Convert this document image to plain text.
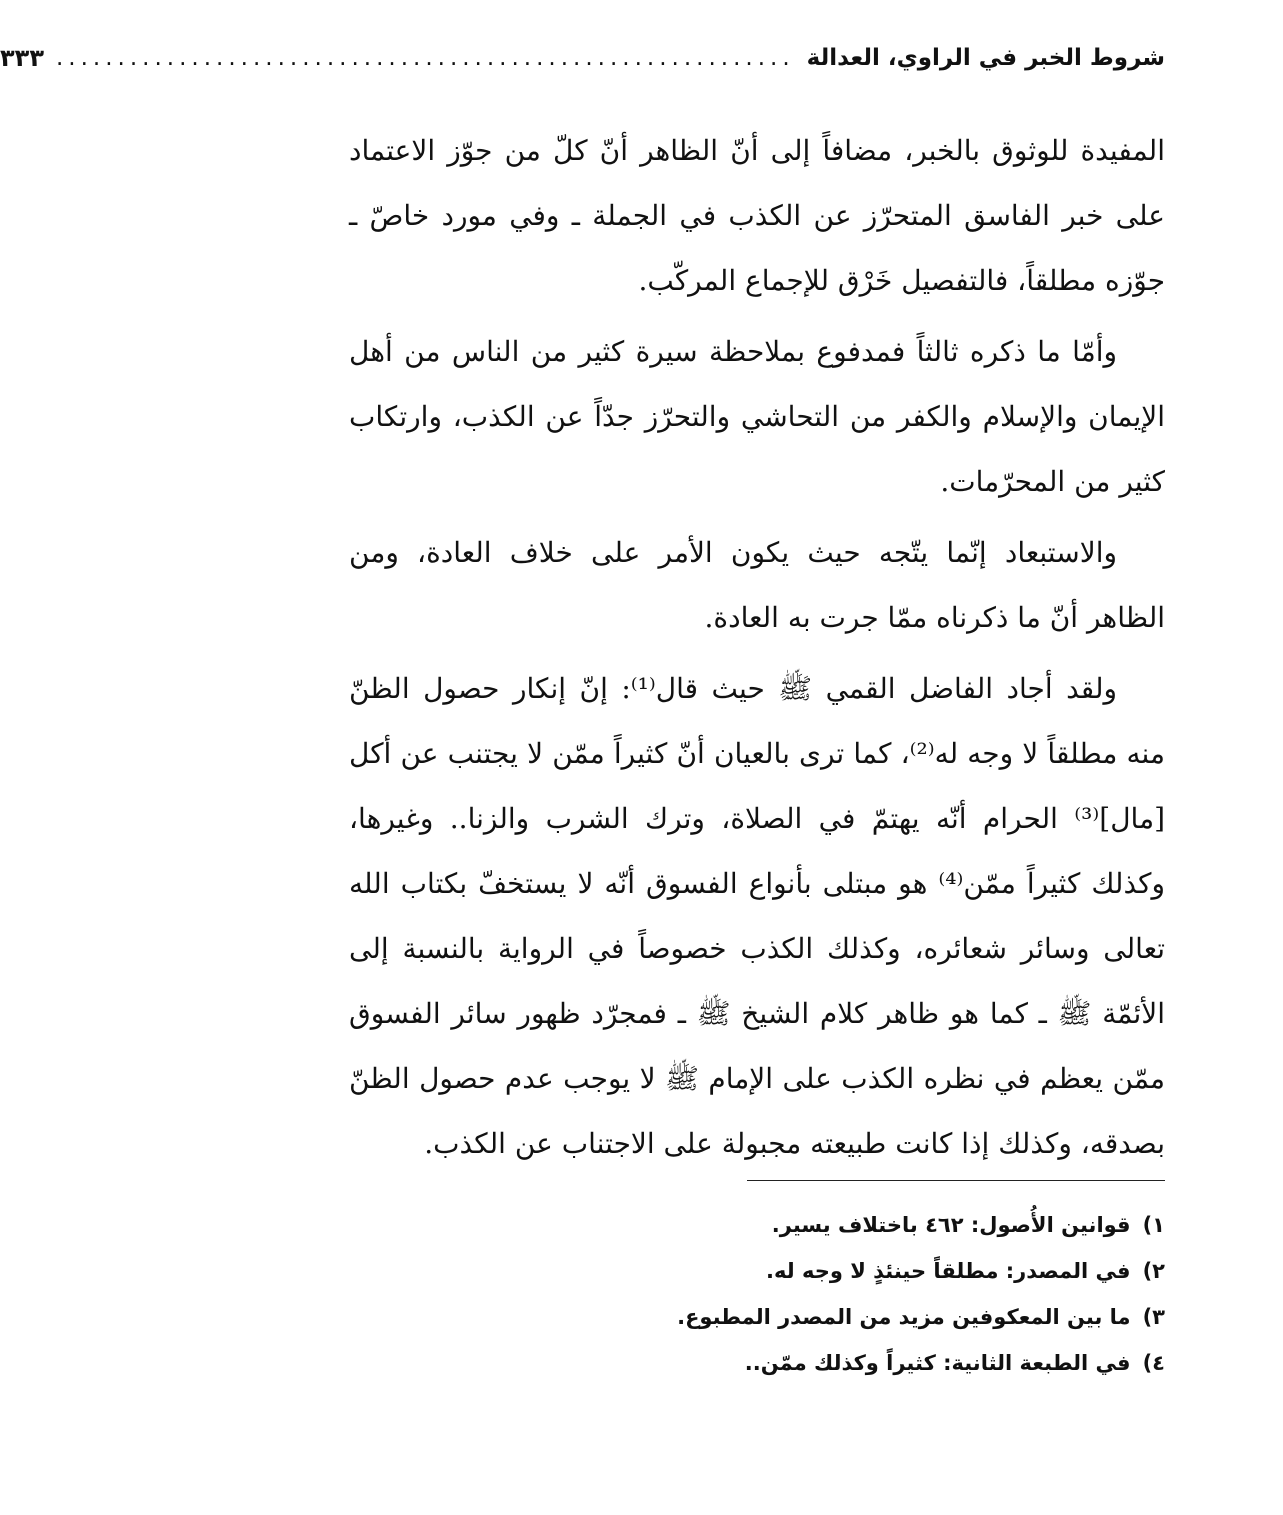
شروط الخبر في الراوي، العدالة
............................................................
٣٣٣

المفيدة للوثوق بالخبر، مضافاً إلى أنّ الظاهر أنّ كلّ من جوّز الاعتماد على خبر الفاسق المتحرّز عن الكذب في الجملة ـ وفي مورد خاصّ ـ جوّزه مطلقاً، فالتفصيل خَرْق للإجماع المركّب.

وأمّا ما ذكره ثالثاً فمدفوع بملاحظة سيرة كثير من الناس من أهل الإيمان والإسلام والكفر من التحاشي والتحرّز جدّاً عن الكذب، وارتكاب كثير من المحرّمات.

والاستبعاد إنّما يتّجه حيث يكون الأمر على خلاف العادة، ومن الظاهر أنّ ما ذكرناه ممّا جرت به العادة.

ولقد أجاد الفاضل القمي ﷺ حيث قال⁽¹⁾: إنّ إنكار حصول الظنّ منه مطلقاً لا وجه له⁽²⁾، كما ترى بالعيان أنّ كثيراً ممّن لا يجتنب عن أكل [مال]⁽³⁾ الحرام أنّه يهتمّ في الصلاة، وترك الشرب والزنا.. وغيرها، وكذلك كثيراً ممّن⁽⁴⁾ هو مبتلى بأنواع الفسوق أنّه لا يستخفّ بكتاب الله تعالى وسائر شعائره، وكذلك الكذب خصوصاً في الرواية بالنسبة إلى الأئمّة ﷺ ـ كما هو ظاهر كلام الشيخ ﷺ ـ فمجرّد ظهور سائر الفسوق ممّن يعظم في نظره الكذب على الإمام ﷺ لا يوجب عدم حصول الظنّ بصدقه، وكذلك إذا كانت طبيعته مجبولة على الاجتناب عن الكذب.

١)
قوانين الأُصول: ٤٦٢ باختلاف يسير.
٢)
في المصدر: مطلقاً حينئذٍ لا وجه له.
٣)
ما بين المعكوفين مزيد من المصدر المطبوع.
٤)
في الطبعة الثانية: كثيراً وكذلك ممّن..
